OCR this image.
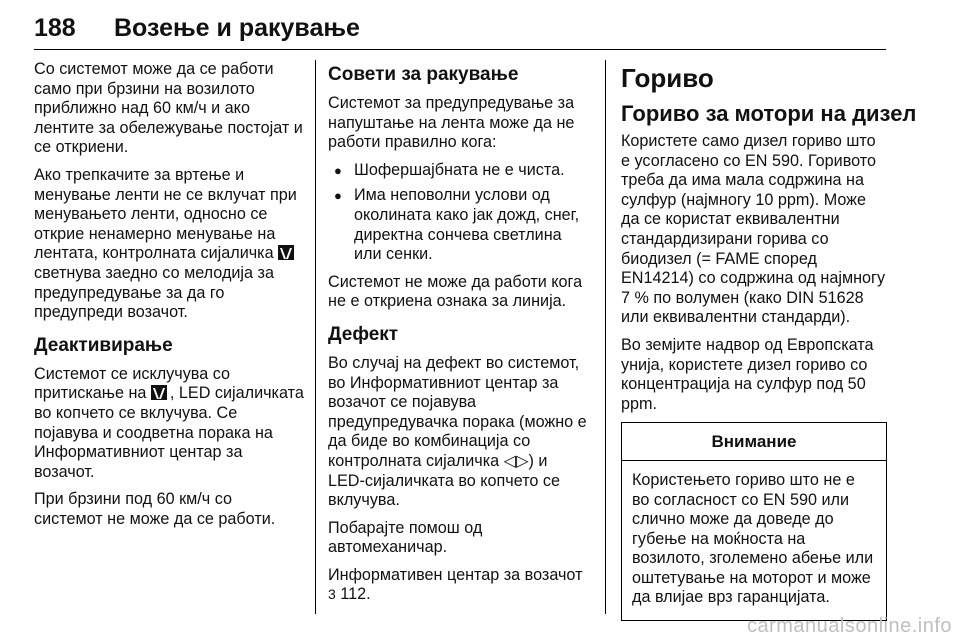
188 Возење и ракување

Со системот може да се работи само при брзини на возилото приближно над 60 км/ч и ако лентите за обележување постојат и се откриени.

Ако трепкачите за вртење и менување ленти не се вклучат при менувањето ленти, односно се открие ненамерно менување на лентата, контролната сијаличка  светнува заедно со мелодија за предупредување за да го предупреди возачот.

Деактивирање

Системот се исклучува со притискање на , LED сијаличката во копчето се вклучува. Се појавува и соодветна порака на Информативниот центар за возачот.

При брзини под 60 км/ч со системот не може да се работи.

Совети за ракување

Системот за предупредување за напуштање на лента може да не работи правилно кога:

● Шофершајбната не е чиста.
● Има неповолни услови од околината како јак дожд, снег, директна сончева светлина или сенки.

Системот не може да работи кога не е откриена ознака за линија.

Дефект

Во случај на дефект во системот, во Информативниот центар за возачот се појавува предупредувачка порака (можно е да биде во комбинација со контролната сијаличка ◁▷) и LED-сијаличката во копчето се вклучува.

Побарајте помош од автомеханичар.

Информативен центар за возачот
3 112.

Гориво
Гориво за мотори на дизел

Користете само дизел гориво што е усогласено со EN 590. Горивото треба да има мала содржина на сулфур (најмногу 10 ppm). Може да се користат еквивалентни стандардизирани горива со биодизел (= FAME според EN14214) со содржина од најмногу 7 % по волумен (како DIN 51628 или еквивалентни стандарди).

Во земјите надвор од Европската унија, користете дизел гориво со концентрација на сулфур под 50 ppm.

Внимание
Користењето гориво што не е во согласност со EN 590 или слично може да доведе до губење на моќноста на возилото, зголемено абење или оштетување на моторот и може да влијае врз гаранцијата.
carmanualsonline.info
